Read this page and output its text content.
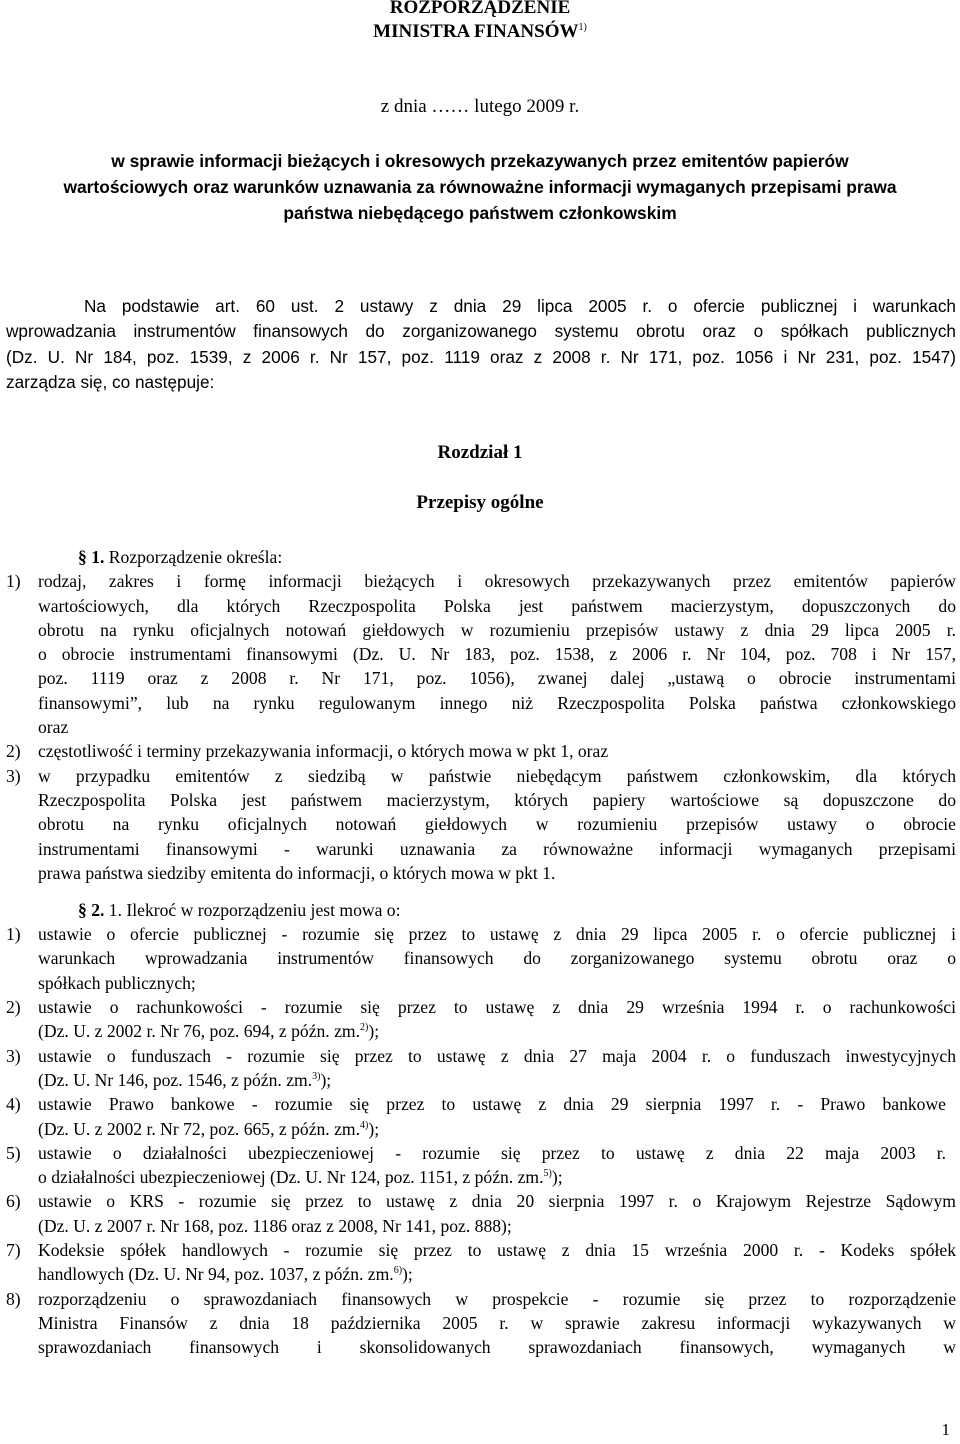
ROZPORZĄDZENIE
MINISTRA FINANSÓW$^{1)}$
z dnia …… lutego 2009 r.
w sprawie informacji bieżących i okresowych przekazywanych przez emitentów papierów
wartościowych oraz warunków uznawania za równoważne informacji wymaganych przepisami prawa
państwa niebędącego państwem członkowskim
Na podstawie art. 60 ust. 2 ustawy z dnia 29 lipca 2005 r. o ofercie publicznej i warunkach
wprowadzania instrumentów finansowych do zorganizowanego systemu obrotu oraz o spółkach publicznych
(Dz. U. Nr 184, poz. 1539, z 2006 r. Nr 157, poz. 1119 oraz z 2008 r. Nr 171, poz. 1056 i Nr 231, poz. 1547)
zarządza się, co następuje:
Rozdział 1
Przepisy ogólne
§ 1. Rozporządzenie określa:
1) rodzaj, zakres i formę informacji bieżących i okresowych przekazywanych przez emitentów papierów
wartościowych, dla których Rzeczpospolita Polska jest państwem macierzystym, dopuszczonych do
obrotu na rynku oficjalnych notowań giełdowych w rozumieniu przepisów ustawy z dnia 29 lipca 2005 r.
o obrocie instrumentami finansowymi (Dz. U. Nr 183, poz. 1538, z 2006 r. Nr 104, poz. 708 i Nr 157,
poz. 1119 oraz z 2008 r. Nr 171, poz. 1056), zwanej dalej „ustawą o obrocie instrumentami
finansowymi”, lub na rynku regulowanym innego niż Rzeczpospolita Polska państwa członkowskiego
oraz
2) częstotliwość i terminy przekazywania informacji, o których mowa w pkt 1, oraz
3) w przypadku emitentów z siedzibą w państwie niebędącym państwem członkowskim, dla których
Rzeczpospolita Polska jest państwem macierzystym, których papiery wartościowe są dopuszczone do
obrotu na rynku oficjalnych notowań giełdowych w rozumieniu przepisów ustawy o obrocie
instrumentami finansowymi - warunki uznawania za równoważne informacji wymaganych przepisami
prawa państwa siedziby emitenta do informacji, o których mowa w pkt 1.
§ 2. 1. Ilekroć w rozporządzeniu jest mowa o:
1) ustawie o ofercie publicznej - rozumie się przez to ustawę z dnia 29 lipca 2005 r. o ofercie publicznej i
warunkach wprowadzania instrumentów finansowych do zorganizowanego systemu obrotu oraz o
spółkach publicznych;
2) ustawie o rachunkowości - rozumie się przez to ustawę z dnia 29 września 1994 r. o rachunkowości
(Dz. U. z 2002 r. Nr 76, poz. 694, z późn. zm.$^{2)}$);
3) ustawie o funduszach - rozumie się przez to ustawę z dnia 27 maja 2004 r. o funduszach inwestycyjnych
(Dz. U. Nr 146, poz. 1546, z późn. zm.$^{3)}$);
4) ustawie Prawo bankowe - rozumie się przez to ustawę z dnia 29 sierpnia 1997 r. - Prawo bankowe
(Dz. U. z 2002 r. Nr 72, poz. 665, z późn. zm.$^{4)}$);
5) ustawie o działalności ubezpieczeniowej - rozumie się przez to ustawę z dnia 22 maja 2003 r.
o działalności ubezpieczeniowej (Dz. U. Nr 124, poz. 1151, z późn. zm.$^{5)}$);
6) ustawie o KRS - rozumie się przez to ustawę z dnia 20 sierpnia 1997 r. o Krajowym Rejestrze Sądowym
(Dz. U. z 2007 r. Nr 168, poz. 1186 oraz z 2008, Nr 141, poz. 888);
7) Kodeksie spółek handlowych - rozumie się przez to ustawę z dnia 15 września 2000 r. - Kodeks spółek
handlowych (Dz. U. Nr 94, poz. 1037, z późn. zm.$^{6)}$);
8) rozporządzeniu o sprawozdaniach finansowych w prospekcie - rozumie się przez to rozporządzenie
Ministra Finansów z dnia 18 października 2005 r. w sprawie zakresu informacji wykazywanych w
sprawozdaniach finansowych i skonsolidowanych sprawozdaniach finansowych, wymaganych w
1
